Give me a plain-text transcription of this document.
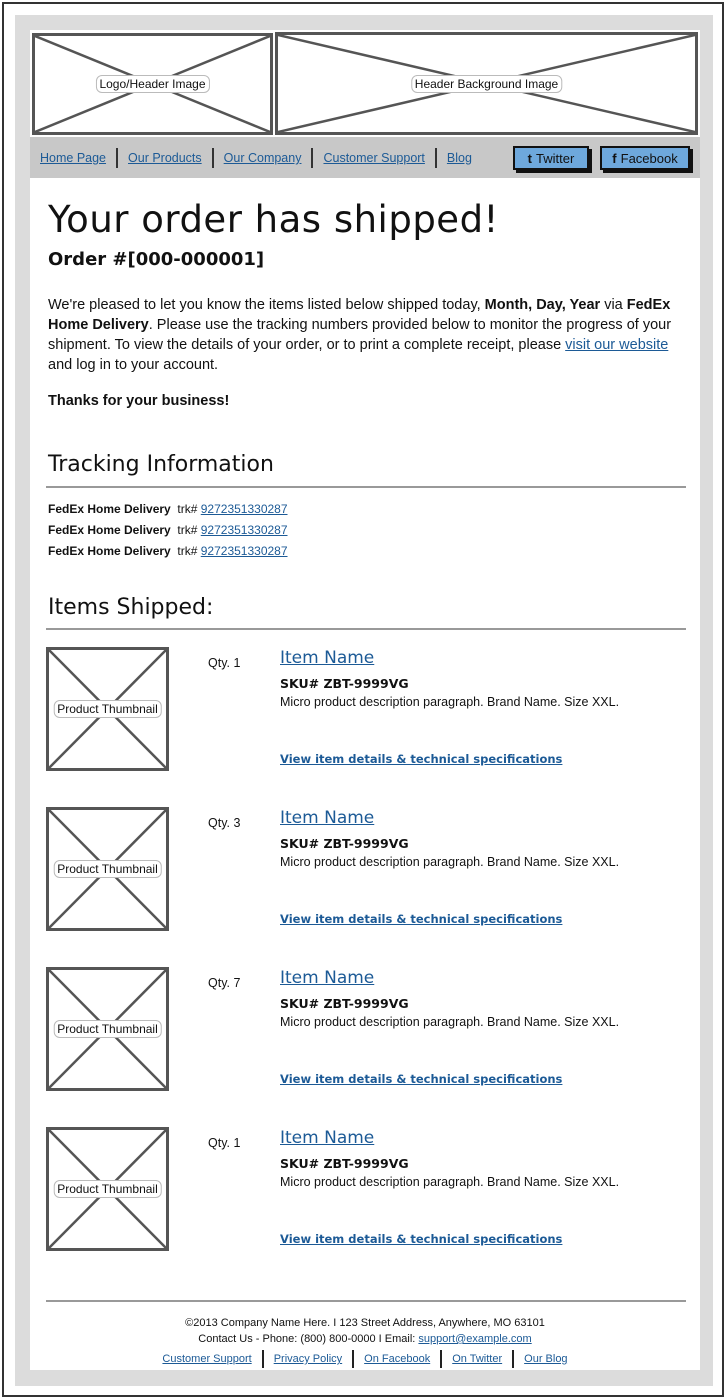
Logo/Header Image	Header Background Image
Home Page Our Products Our Company Customer Support Blog	t Twitter	f Facebook
Your order has shipped!
Order #[000-000001]

We're pleased to let you know the items listed below shipped today, Month, Day, Year via FedEx Home Delivery. Please use the tracking numbers provided below to monitor the progress of your shipment. To view the details of your order, or to print a complete receipt, please visit our website and log in to your account.

Thanks for your business!
Tracking Information
FedEx Home Delivery trk# 9272351330287
FedEx Home Delivery trk# 9272351330287
FedEx Home Delivery trk# 9272351330287
Items Shipped:
Product Thumbnail
Qty. 1 Item Name
SKU# ZBT-9999VG
Micro product description paragraph. Brand Name. Size XXL.
View item details & technical specifications
Product Thumbnail
Qty. 3 Item Name
SKU# ZBT-9999VG
Micro product description paragraph. Brand Name. Size XXL.
View item details & technical specifications
Product Thumbnail
Qty. 7 Item Name
SKU# ZBT-9999VG
Micro product description paragraph. Brand Name. Size XXL.
View item details & technical specifications
Product Thumbnail
Qty. 1 Item Name
SKU# ZBT-9999VG
Micro product description paragraph. Brand Name. Size XXL.
View item details & technical specifications
©2013 Company Name Here. I 123 Street Address, Anywhere, MO 63101
Contact Us - Phone: (800) 800-0000 I Email: support@example.com
Customer Support Privacy Policy On Facebook On Twitter Our Blog
